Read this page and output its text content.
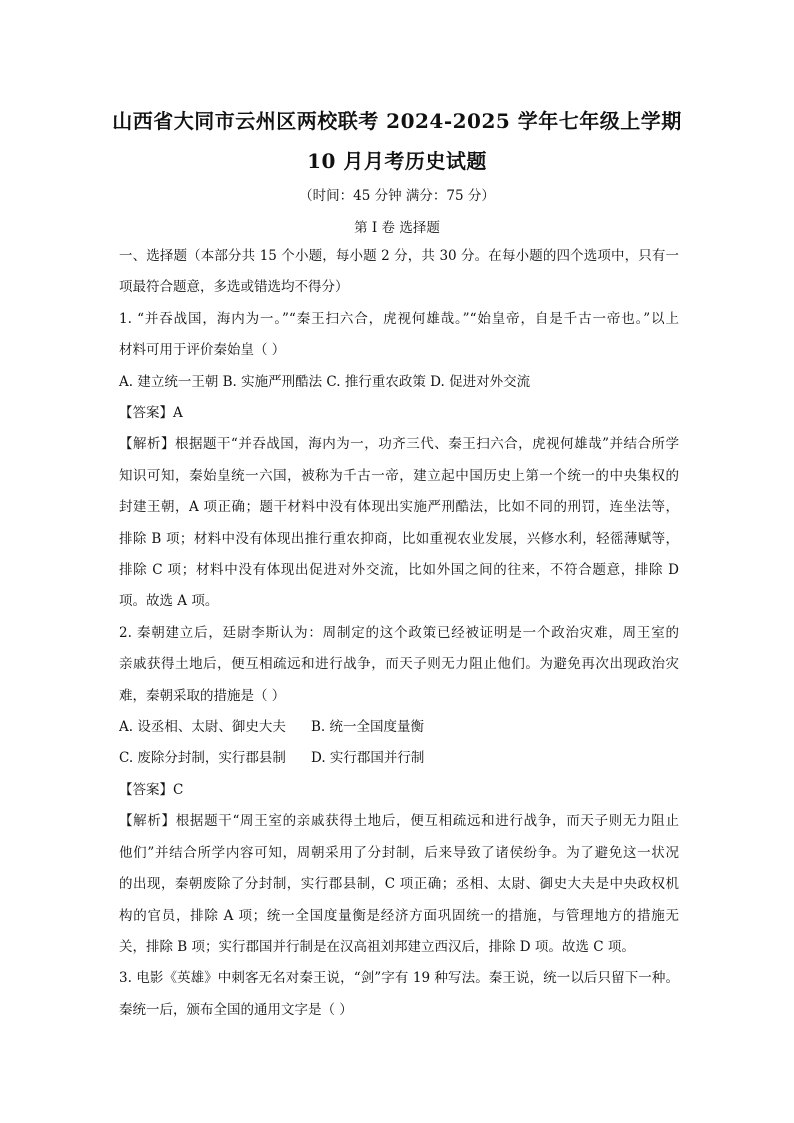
山西省大同市云州区两校联考 2024-2025 学年七年级上学期
10 月月考历史试题
（时间：45 分钟 满分：75 分）
第 I 卷 选择题
一、选择题（本部分共 15 个小题，每小题 2 分，共 30 分。在每小题的四个选项中，只有一
项最符合题意，多选或错选均不得分）
1. “并吞战国，海内为一。”“秦王扫六合，虎视何雄哉。”“始皇帝，自是千古一帝也。”以上
材料可用于评价秦始皇（ ）
A. 建立统一王朝 B. 实施严刑酷法 C. 推行重农政策 D. 促进对外交流
【答案】A
【解析】根据题干“并吞战国，海内为一，功齐三代、秦王扫六合，虎视何雄哉”并结合所学
知识可知，秦始皇统一六国，被称为千古一帝，建立起中国历史上第一个统一的中央集权的
封建王朝，A 项正确；题干材料中没有体现出实施严刑酷法，比如不同的刑罚，连坐法等，
排除 B 项；材料中没有体现出推行重农抑商，比如重视农业发展，兴修水利，轻徭薄赋等，
排除 C 项；材料中没有体现出促进对外交流，比如外国之间的往来，不符合题意，排除 D
项。故选 A 项。
2. 秦朝建立后，廷尉李斯认为：周制定的这个政策已经被证明是一个政治灾难，周王室的
亲戚获得土地后，便互相疏远和进行战争，而天子则无力阻止他们。为避免再次出现政治灾
难，秦朝采取的措施是（ ）
A. 设丞相、太尉、御史大夫 B. 统一全国度量衡
C. 废除分封制，实行郡县制 D. 实行郡国并行制
【答案】C
【解析】根据题干“周王室的亲戚获得土地后，便互相疏远和进行战争，而天子则无力阻止
他们”并结合所学内容可知，周朝采用了分封制，后来导致了诸侯纷争。为了避免这一状况
的出现，秦朝废除了分封制，实行郡县制，C 项正确；丞相、太尉、御史大夫是中央政权机
构的官员，排除 A 项；统一全国度量衡是经济方面巩固统一的措施，与管理地方的措施无
关，排除 B 项；实行郡国并行制是在汉高祖刘邦建立西汉后，排除 D 项。故选 C 项。
3. 电影《英雄》中刺客无名对秦王说，“剑”字有 19 种写法。秦王说，统一以后只留下一种。
秦统一后，颁布全国的通用文字是（ ）
